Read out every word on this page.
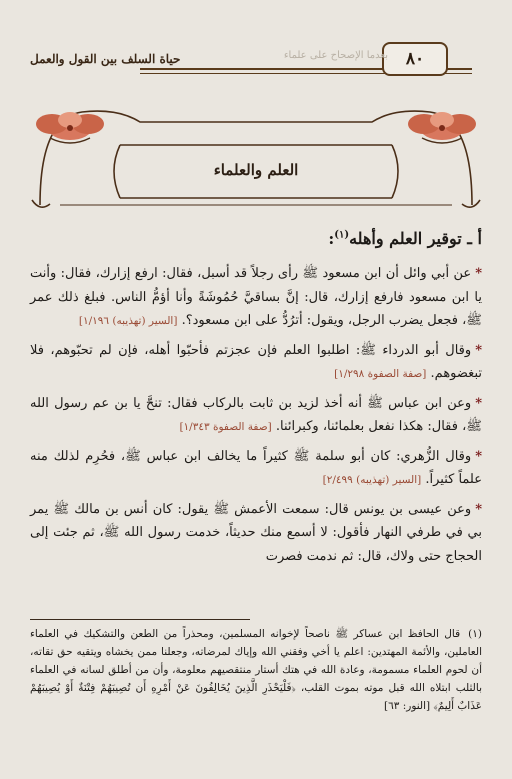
٨٠
بعدما الإصحاح على علماء
حياة السلف بين القول والعمل
العلم والعلماء
أ ـ توقير العلم وأهله$^{(١)}$:

*عن أبي وائل أن ابن مسعود ﷺ رأى رجلاً قد أسبل، فقال: ارفع إزارك، فقال: وأنت يا ابن مسعود فارفع إزارك، قال: إنَّ بساقيَّ حُمُوشَةً وأنا أؤمُّ الناس. فبلغ ذلك عمر ﷺ، فجعل يضرب الرجل، ويقول: أترُدُّ على ابن مسعود؟. [السير (تهذيبه) ١/١٩٦]

*وقال أبو الدرداء ﷺ: اطلبوا العلم فإن عجزتم فأحبّوا أهله، فإن لم تحبّوهم، فلا تبغضوهم. [صفة الصفوة ١/٢٩٨]

*وعن ابن عباس ﷺ أنه أخذ لزيد بن ثابت بالركاب فقال: تنحَّ يا بن عم رسول الله ﷺ، فقال: هكذا نفعل بعلمائنا، وكبرائنا. [صفة الصفوة ١/٣٤٣]

*وقال الزُّهري: كان أبو سلمة ﷺ كثيراً ما يخالف ابن عباس ﷺ، فحُرِم لذلك منه علماً كثيراً. [السير (تهذيبه) ٢/٤٩٩]

*وعن عيسى بن يونس قال: سمعت الأعمش ﷺ يقول: كان أنس بن مالك ﷺ يمر بي في طرفي النهار فأقول: لا أسمع منك حديثاً، خدمت رسول الله ﷺ، ثم جئت إلى الحجاج حتى ولاك، قال: ثم ندمت فصرت

(١)قال الحافظ ابن عساكر ﷺ ناصحاً لإخوانه المسلمين، ومحذراً من الطعن والتشكيك في العلماء العاملين، والأئمة المهتدين: اعلم يا أخي وفقني الله وإياك لمرضاته، وجعلنا ممن يخشاه ويتقيه حق تقاته، أن لحوم العلماء مسمومة، وعادة الله في هتك أستار منتقصيهم معلومة، وأن من أطلق لسانه في العلماء بالثلب ابتلاه الله قبل موته بموت القلب، ﴿فَلْيَحْذَرِ الَّذِينَ يُخَالِفُونَ عَنْ أَمْرِهِ أَن تُصِيبَهُمْ فِتْنَةٌ أَوْ يُصِيبَهُمْ عَذَابٌ أَلِيمٌ﴾ [النور: ٦٣]
